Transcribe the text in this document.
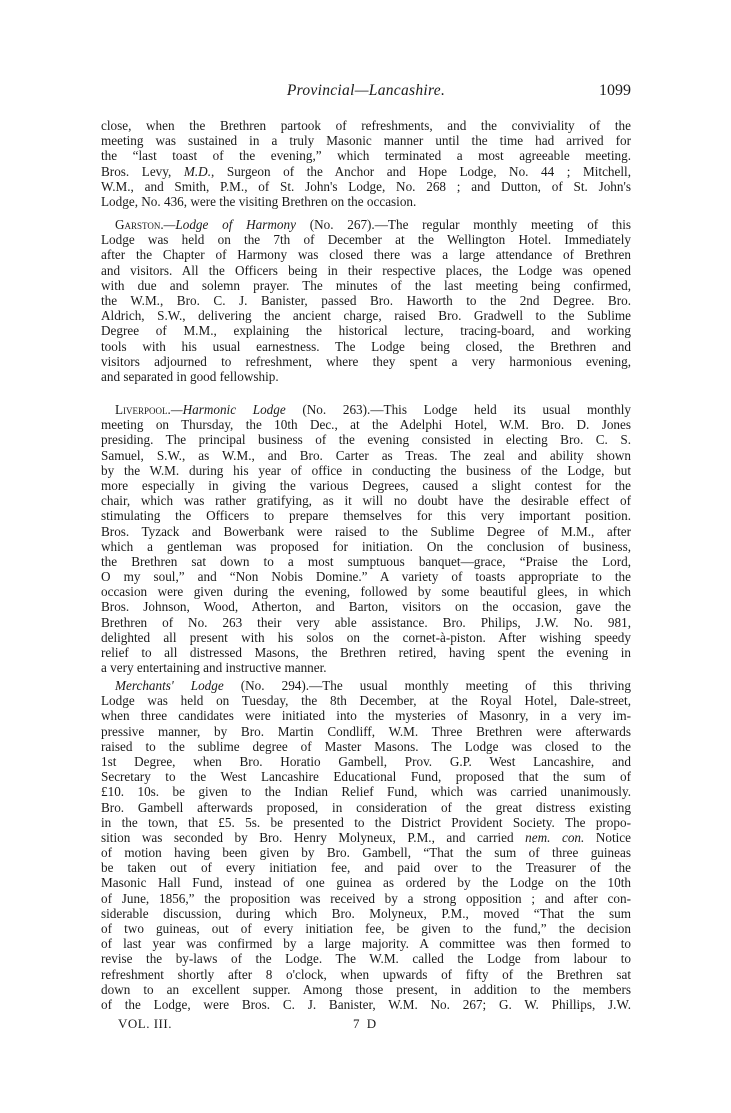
Provincial—Lancashire.	1099
close, when the Brethren partook of refreshments, and the conviviality of the
meeting was sustained in a truly Masonic manner until the time had arrived for
the “last toast of the evening,” which terminated a most agreeable meeting.
Bros. Levy, M.D., Surgeon of the Anchor and Hope Lodge, No. 44 ; Mitchell,
W.M., and Smith, P.M., of St. John's Lodge, No. 268 ; and Dutton, of St. John's
Lodge, No. 436, were the visiting Brethren on the occasion.
Garston.—Lodge of Harmony (No. 267).—The regular monthly meeting of this
Lodge was held on the 7th of December at the Wellington Hotel. Immediately
after the Chapter of Harmony was closed there was a large attendance of Brethren
and visitors. All the Officers being in their respective places, the Lodge was opened
with due and solemn prayer. The minutes of the last meeting being confirmed,
the W.M., Bro. C. J. Banister, passed Bro. Haworth to the 2nd Degree. Bro.
Aldrich, S.W., delivering the ancient charge, raised Bro. Gradwell to the Sublime
Degree of M.M., explaining the historical lecture, tracing-board, and working
tools with his usual earnestness. The Lodge being closed, the Brethren and
visitors adjourned to refreshment, where they spent a very harmonious evening,
and separated in good fellowship.
Liverpool.—Harmonic Lodge (No. 263).—This Lodge held its usual monthly
meeting on Thursday, the 10th Dec., at the Adelphi Hotel, W.M. Bro. D. Jones
presiding. The principal business of the evening consisted in electing Bro. C. S.
Samuel, S.W., as W.M., and Bro. Carter as Treas. The zeal and ability shown
by the W.M. during his year of office in conducting the business of the Lodge, but
more especially in giving the various Degrees, caused a slight contest for the
chair, which was rather gratifying, as it will no doubt have the desirable effect of
stimulating the Officers to prepare themselves for this very important position.
Bros. Tyzack and Bowerbank were raised to the Sublime Degree of M.M., after
which a gentleman was proposed for initiation. On the conclusion of business,
the Brethren sat down to a most sumptuous banquet—grace, “Praise the Lord,
O my soul,” and “Non Nobis Domine.” A variety of toasts appropriate to the
occasion were given during the evening, followed by some beautiful glees, in which
Bros. Johnson, Wood, Atherton, and Barton, visitors on the occasion, gave the
Brethren of No. 263 their very able assistance. Bro. Philips, J.W. No. 981,
delighted all present with his solos on the cornet-à-piston. After wishing speedy
relief to all distressed Masons, the Brethren retired, having spent the evening in
a very entertaining and instructive manner.
Merchants' Lodge (No. 294).—The usual monthly meeting of this thriving
Lodge was held on Tuesday, the 8th December, at the Royal Hotel, Dale-street,
when three candidates were initiated into the mysteries of Masonry, in a very im-
pressive manner, by Bro. Martin Condliff, W.M. Three Brethren were afterwards
raised to the sublime degree of Master Masons. The Lodge was closed to the
1st Degree, when Bro. Horatio Gambell, Prov. G.P. West Lancashire, and
Secretary to the West Lancashire Educational Fund, proposed that the sum of
£10. 10s. be given to the Indian Relief Fund, which was carried unanimously.
Bro. Gambell afterwards proposed, in consideration of the great distress existing
in the town, that £5. 5s. be presented to the District Provident Society. The propo-
sition was seconded by Bro. Henry Molyneux, P.M., and carried nem. con. Notice
of motion having been given by Bro. Gambell, “That the sum of three guineas
be taken out of every initiation fee, and paid over to the Treasurer of the
Masonic Hall Fund, instead of one guinea as ordered by the Lodge on the 10th
of June, 1856,” the proposition was received by a strong opposition ; and after con-
siderable discussion, during which Bro. Molyneux, P.M., moved “That the sum
of two guineas, out of every initiation fee, be given to the fund,” the decision
of last year was confirmed by a large majority. A committee was then formed to
revise the by-laws of the Lodge. The W.M. called the Lodge from labour to
refreshment shortly after 8 o'clock, when upwards of fifty of the Brethren sat
down to an excellent supper. Among those present, in addition to the members
of the Lodge, were Bros. C. J. Banister, W.M. No. 267; G. W. Phillips, J.W.
VOL. III.	7 D
